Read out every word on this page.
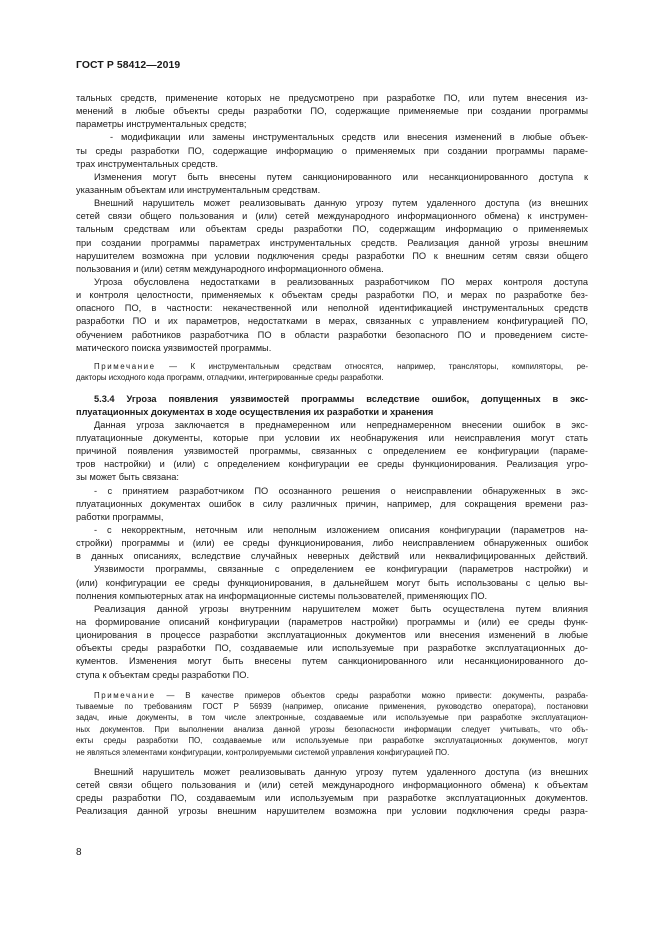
ГОСТ Р 58412—2019
тальных средств, применение которых не предусмотрено при разработке ПО, или путем внесения из-
менений в любые объекты среды разработки ПО, содержащие применяемые при создании программы
параметры инструментальных средств;
- модификации или замены инструментальных средств или внесения изменений в любые объек-
ты среды разработки ПО, содержащие информацию о применяемых при создании программы параме-
трах инструментальных средств.
Изменения могут быть внесены путем санкционированного или несанкционированного доступа к
указанным объектам или инструментальным средствам.
Внешний нарушитель может реализовывать данную угрозу путем удаленного доступа (из внешних
сетей связи общего пользования и (или) сетей международного информационного обмена) к инструмен-
тальным средствам или объектам среды разработки ПО, содержащим информацию о применяемых
при создании программы параметрах инструментальных средств. Реализация данной угрозы внешним
нарушителем возможна при условии подключения среды разработки ПО к внешним сетям связи общего
пользования и (или) сетям международного информационного обмена.
Угроза обусловлена недостатками в реализованных разработчиком ПО мерах контроля доступа
и контроля целостности, применяемых к объектам среды разработки ПО, и мерах по разработке без-
опасного ПО, в частности: некачественной или неполной идентификацией инструментальных средств
разработки ПО и их параметров, недостатками в мерах, связанных с управлением конфигурацией ПО,
обучением работников разработчика ПО в области разработки безопасного ПО и проведением систе-
матического поиска уязвимостей программы.
Примечание — К инструментальным средствам относятся, например, трансляторы, компиляторы, ре-
дакторы исходного кода программ, отладчики, интегрированные среды разработки.
5.3.4 Угроза появления уязвимостей программы вследствие ошибок, допущенных в экс-
плуатационных документах в ходе осуществления их разработки и хранения
Данная угроза заключается в преднамеренном или непреднамеренном внесении ошибок в экс-
плуатационные документы, которые при условии их необнаружения или неисправления могут стать
причиной появления уязвимостей программы, связанных с определением ее конфигурации (параме-
тров настройки) и (или) с определением конфигурации ее среды функционирования. Реализация угро-
зы может быть связана:
- с принятием разработчиком ПО осознанного решения о неисправлении обнаруженных в экс-
плуатационных документах ошибок в силу различных причин, например, для сокращения времени раз-
работки программы,
- с некорректным, неточным или неполным изложением описания конфигурации (параметров на-
стройки) программы и (или) ее среды функционирования, либо неисправлением обнаруженных ошибок
в данных описаниях, вследствие случайных неверных действий или неквалифицированных действий.
Уязвимости программы, связанные с определением ее конфигурации (параметров настройки) и
(или) конфигурации ее среды функционирования, в дальнейшем могут быть использованы с целью вы-
полнения компьютерных атак на информационные системы пользователей, применяющих ПО.
Реализация данной угрозы внутренним нарушителем может быть осуществлена путем влияния
на формирование описаний конфигурации (параметров настройки) программы и (или) ее среды функ-
ционирования в процессе разработки эксплуатационных документов или внесения изменений в любые
объекты среды разработки ПО, создаваемые или используемые при разработке эксплуатационных до-
кументов. Изменения могут быть внесены путем санкционированного или несанкционированного до-
ступа к объектам среды разработки ПО.
Примечание — В качестве примеров объектов среды разработки можно привести: документы, разраба-
тываемые по требованиям ГОСТ Р 56939 (например, описание применения, руководство оператора), постановки
задач, иные документы, в том числе электронные, создаваемые или используемые при разработке эксплуатацион-
ных документов. При выполнении анализа данной угрозы безопасности информации следует учитывать, что объ-
екты среды разработки ПО, создаваемые или используемые при разработке эксплуатационных документов, могут
не являться элементами конфигурации, контролируемыми системой управления конфигурацией ПО.
Внешний нарушитель может реализовывать данную угрозу путем удаленного доступа (из внешних
сетей связи общего пользования и (или) сетей международного информационного обмена) к объектам
среды разработки ПО, создаваемым или используемым при разработке эксплуатационных документов.
Реализация данной угрозы внешним нарушителем возможна при условии подключения среды разра-
8
